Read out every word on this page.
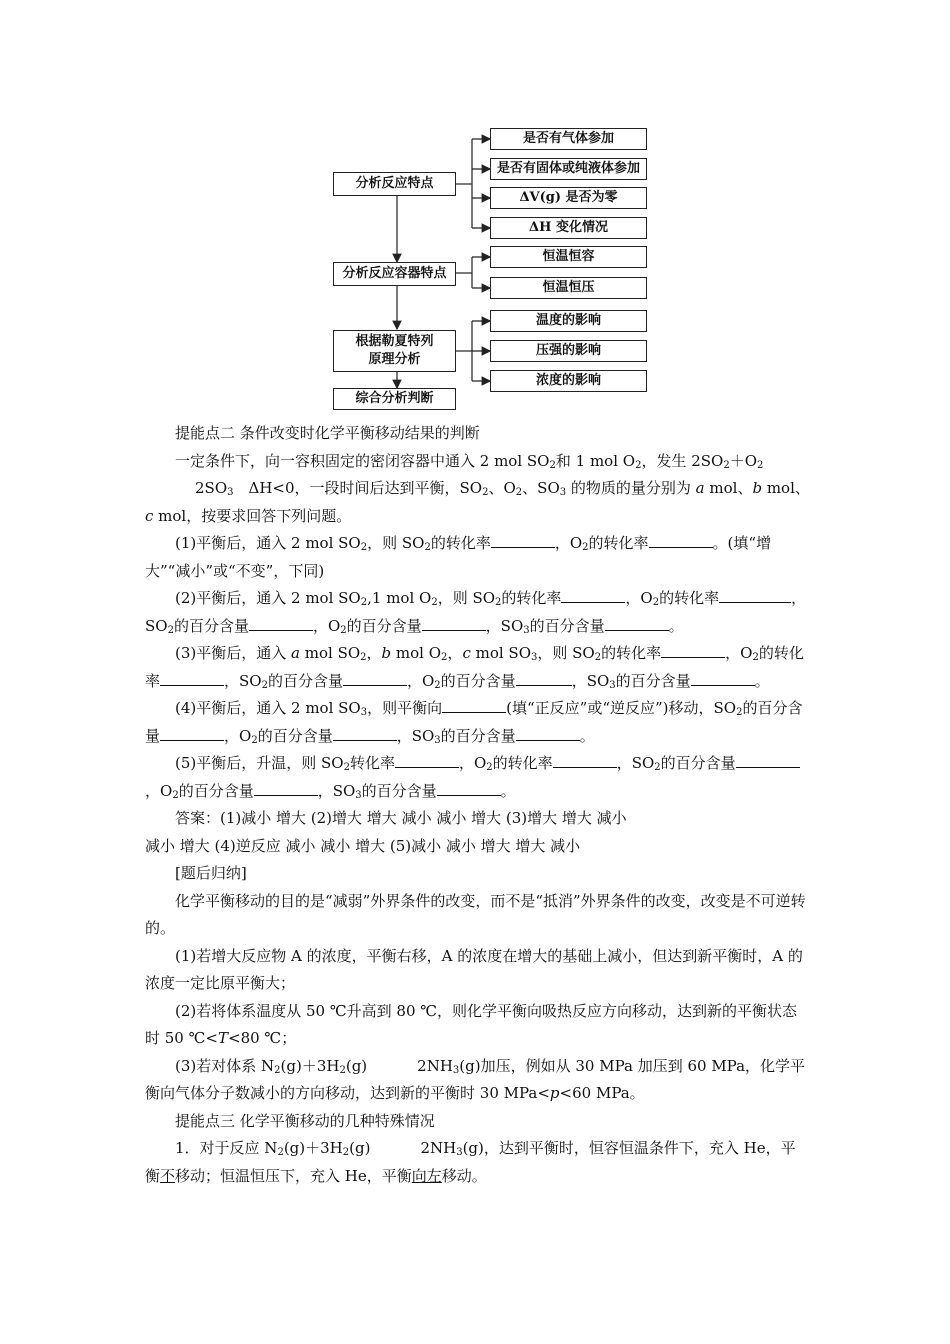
分析反应特点
分析反应容器特点
根据勒夏特列
原理分析
综合分析判断
是否有气体参加
是否有固体或纯液体参加
ΔV(g) 是否为零
ΔH 变化情况
恒温恒容
恒温恒压
温度的影响
压强的影响
浓度的影响

提能点二 条件改变时化学平衡移动结果的判断

一定条件下，向一容积固定的密闭容器中通入 2 mol $SO_2$和 1 mol $O_2$，发生 $2SO_2+O_22SO_3$　ΔH<0，一段时间后达到平衡，$SO_2$、$O_2$、$SO_3$ 的物质的量分别为 a mol、b mol、c mol，按要求回答下列问题。

(1)平衡后，通入 2 mol $SO_2$，则 $SO_2$的转化率	，$O_2$的转化率	。(填“增大”“减小”或“不变”，下同)

(2)平衡后，通入 2 mol $SO_2,1$ mol $O_2$，则 $SO_2$的转化率	，$O_2$的转化率	，$SO_2$的百分含量	，$O_2$的百分含量	，$SO_3$的百分含量	。

(3)平衡后，通入 a mol $SO_2$，b mol $O_2$，c mol $SO_3$，则 $SO_2$的转化率	，$O_2$的转化率	，$SO_2$的百分含量	，$O_2$的百分含量	，$SO_3$的百分含量	。

(4)平衡后，通入 2 mol $SO_3$，则平衡向	(填“正反应”或“逆反应”)移动，$SO_2$的百分含量	，$O_2$的百分含量	，$SO_3$的百分含量	。

(5)平衡后，升温，则 $SO_2$转化率	，$O_2$的转化率	，$SO_2$的百分含量，$O_2$的百分含量	，$SO_3$的百分含量	。

答案：(1)减小 增大 (2)增大 增大 减小 减小 增大 (3)增大 增大 减小

减小 增大 (4)逆反应 减小 减小 增大 (5)减小 减小 增大 增大 减小

[题后归纳]

化学平衡移动的目的是“减弱”外界条件的改变，而不是“抵消”外界条件的改变，改变是不可逆转的。

(1)若增大反应物 A 的浓度，平衡右移，A 的浓度在增大的基础上减小，但达到新平衡时，A 的浓度一定比原平衡大；

(2)若将体系温度从 50 ℃升高到 80 ℃，则化学平衡向吸热反应方向移动，达到新的平衡状态时 50 ℃<T<80 ℃；

(3)若对体系 $N_2(g)+3H_2(g)$	$2NH_3(g)$加压，例如从 30 MPa 加压到 60 MPa，化学平衡向气体分子数减小的方向移动，达到新的平衡时 30 MPa<p<60 MPa。

提能点三 化学平衡移动的几种特殊情况

1．对于反应 $N_2(g)+3H_2(g)$	$2NH_3(g)$，达到平衡时，恒容恒温条件下，充入 He，平衡不移动；恒温恒压下，充入 He，平衡向左移动。
